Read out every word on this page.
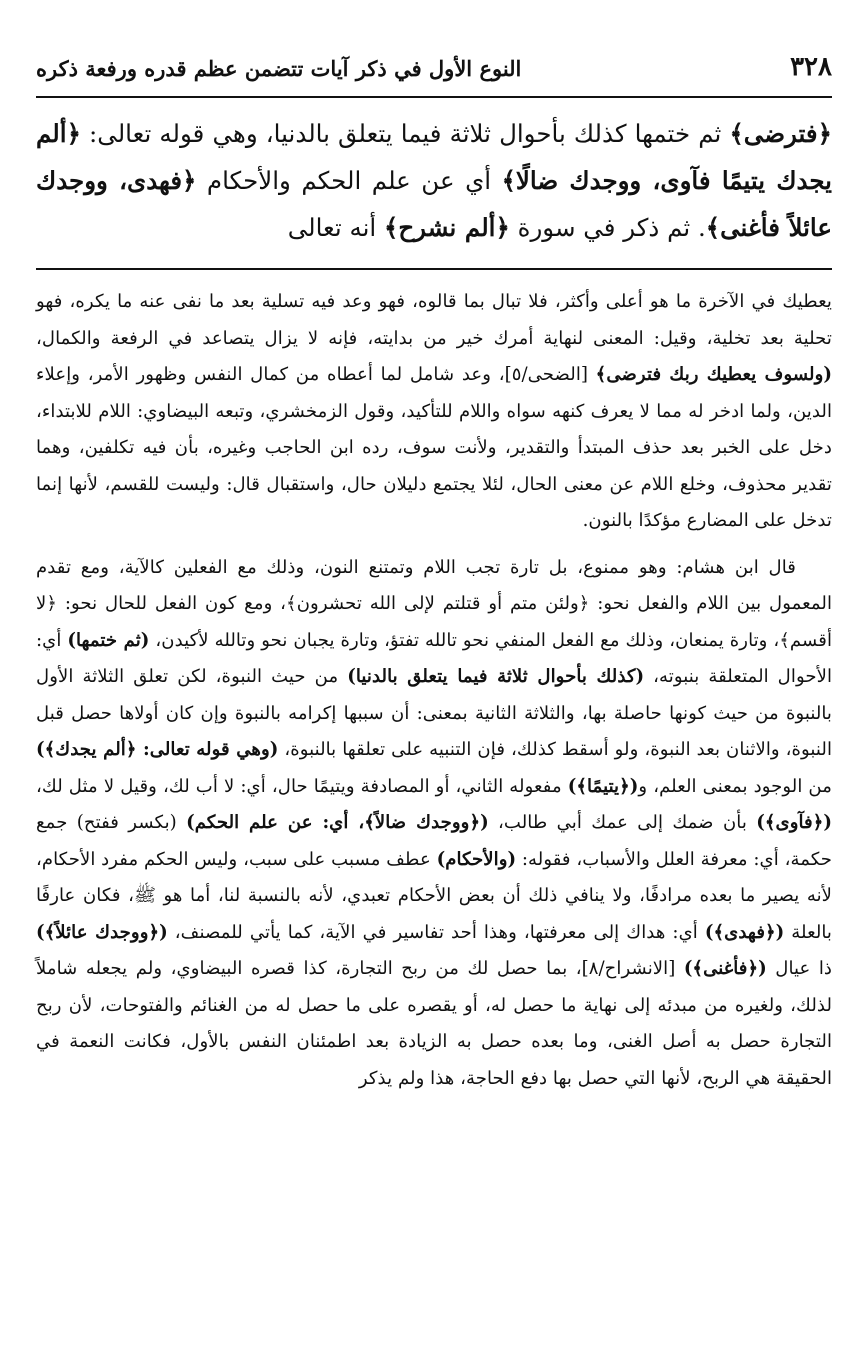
٣٢٨
النوع الأول في ذكر آيات تتضمن عظم قدره ورفعة ذكره

﴿فترضى﴾ ثم ختمها كذلك بأحوال ثلاثة فيما يتعلق بالدنيا، وهي قوله تعالى: ﴿ألم يجدك يتيمًا فآوى، ووجدك ضالًا﴾ أي عن علم الحكم والأحكام ﴿فهدى، ووجدك عائلاً فأغنى﴾. ثم ذكر في سورة ﴿ألم نشرح﴾ أنه تعالى

يعطيك في الآخرة ما هو أعلى وأكثر، فلا تبال بما قالوه، فهو وعد فيه تسلية بعد ما نفى عنه ما يكره، فهو تحلية بعد تخلية، وقيل: المعنى لنهاية أمرك خير من بدايته، فإنه لا يزال يتصاعد في الرفعة والكمال، (ولسوف يعطيك ربك فترضى﴾ [الضحى/٥]، وعد شامل لما أعطاه من كمال النفس وظهور الأمر، وإعلاء الدين، ولما ادخر له مما لا يعرف كنهه سواه واللام للتأكيد، وقول الزمخشري، وتبعه البيضاوي: اللام للابتداء، دخل على الخبر بعد حذف المبتدأ والتقدير، ولأنت سوف، رده ابن الحاجب وغيره، بأن فيه تكلفين، وهما تقدير محذوف، وخلع اللام عن معنى الحال، لئلا يجتمع دليلان حال، واستقبال قال: وليست للقسم، لأنها إنما تدخل على المضارع مؤكدًا بالنون.

قال ابن هشام: وهو ممنوع، بل تارة تجب اللام وتمتنع النون، وذلك مع الفعلين كالآية، ومع تقدم المعمول بين اللام والفعل نحو: ﴿ولئن متم أو قتلتم لإلى الله تحشرون﴾، ومع كون الفعل للحال نحو: ﴿لا أقسم﴾، وتارة يمنعان، وذلك مع الفعل المنفي نحو تالله تفتؤ، وتارة يجبان نحو وتالله لأكيدن، (ثم ختمها) أي: الأحوال المتعلقة بنبوته، (كذلك بأحوال ثلاثة فيما يتعلق بالدنيا) من حيث النبوة، لكن تعلق الثلاثة الأول بالنبوة من حيث كونها حاصلة بها، والثلاثة الثانية بمعنى: أن سببها إكرامه بالنبوة وإن كان أولاها حصل قبل النبوة، والاثنان بعد النبوة، ولو أسقط كذلك، فإن التنبيه على تعلقها بالنبوة، (وهي قوله تعالى: ﴿ألم يجدك﴾) من الوجود بمعنى العلم، و(﴿يتيمًا﴾) مفعوله الثاني، أو المصادفة ويتيمًا حال، أي: لا أب لك، وقيل لا مثل لك، (﴿فآوى﴾) بأن ضمك إلى عمك أبي طالب، (﴿ووجدك ضالاً﴾، أي: عن علم الحكم) (بكسر ففتح) جمع حكمة، أي: معرفة العلل والأسباب، فقوله: (والأحكام) عطف مسبب على سبب، وليس الحكم مفرد الأحكام، لأنه يصير ما بعده مرادفًا، ولا ينافي ذلك أن بعض الأحكام تعبدي، لأنه بالنسبة لنا، أما هو ﷺ، فكان عارفًا بالعلة (﴿فهدى﴾) أي: هداك إلى معرفتها، وهذا أحد تفاسير في الآية، كما يأتي للمصنف، (﴿ووجدك عائلاً﴾) ذا عيال (﴿فأغنى﴾) [الانشراح/٨]، بما حصل لك من ربح التجارة، كذا قصره البيضاوي، ولم يجعله شاملاً لذلك، ولغيره من مبدئه إلى نهاية ما حصل له، أو يقصره على ما حصل له من الغنائم والفتوحات، لأن ربح التجارة حصل به أصل الغنى، وما بعده حصل به الزيادة بعد اطمئنان النفس بالأول، فكانت النعمة في الحقيقة هي الربح، لأنها التي حصل بها دفع الحاجة، هذا ولم يذكر
